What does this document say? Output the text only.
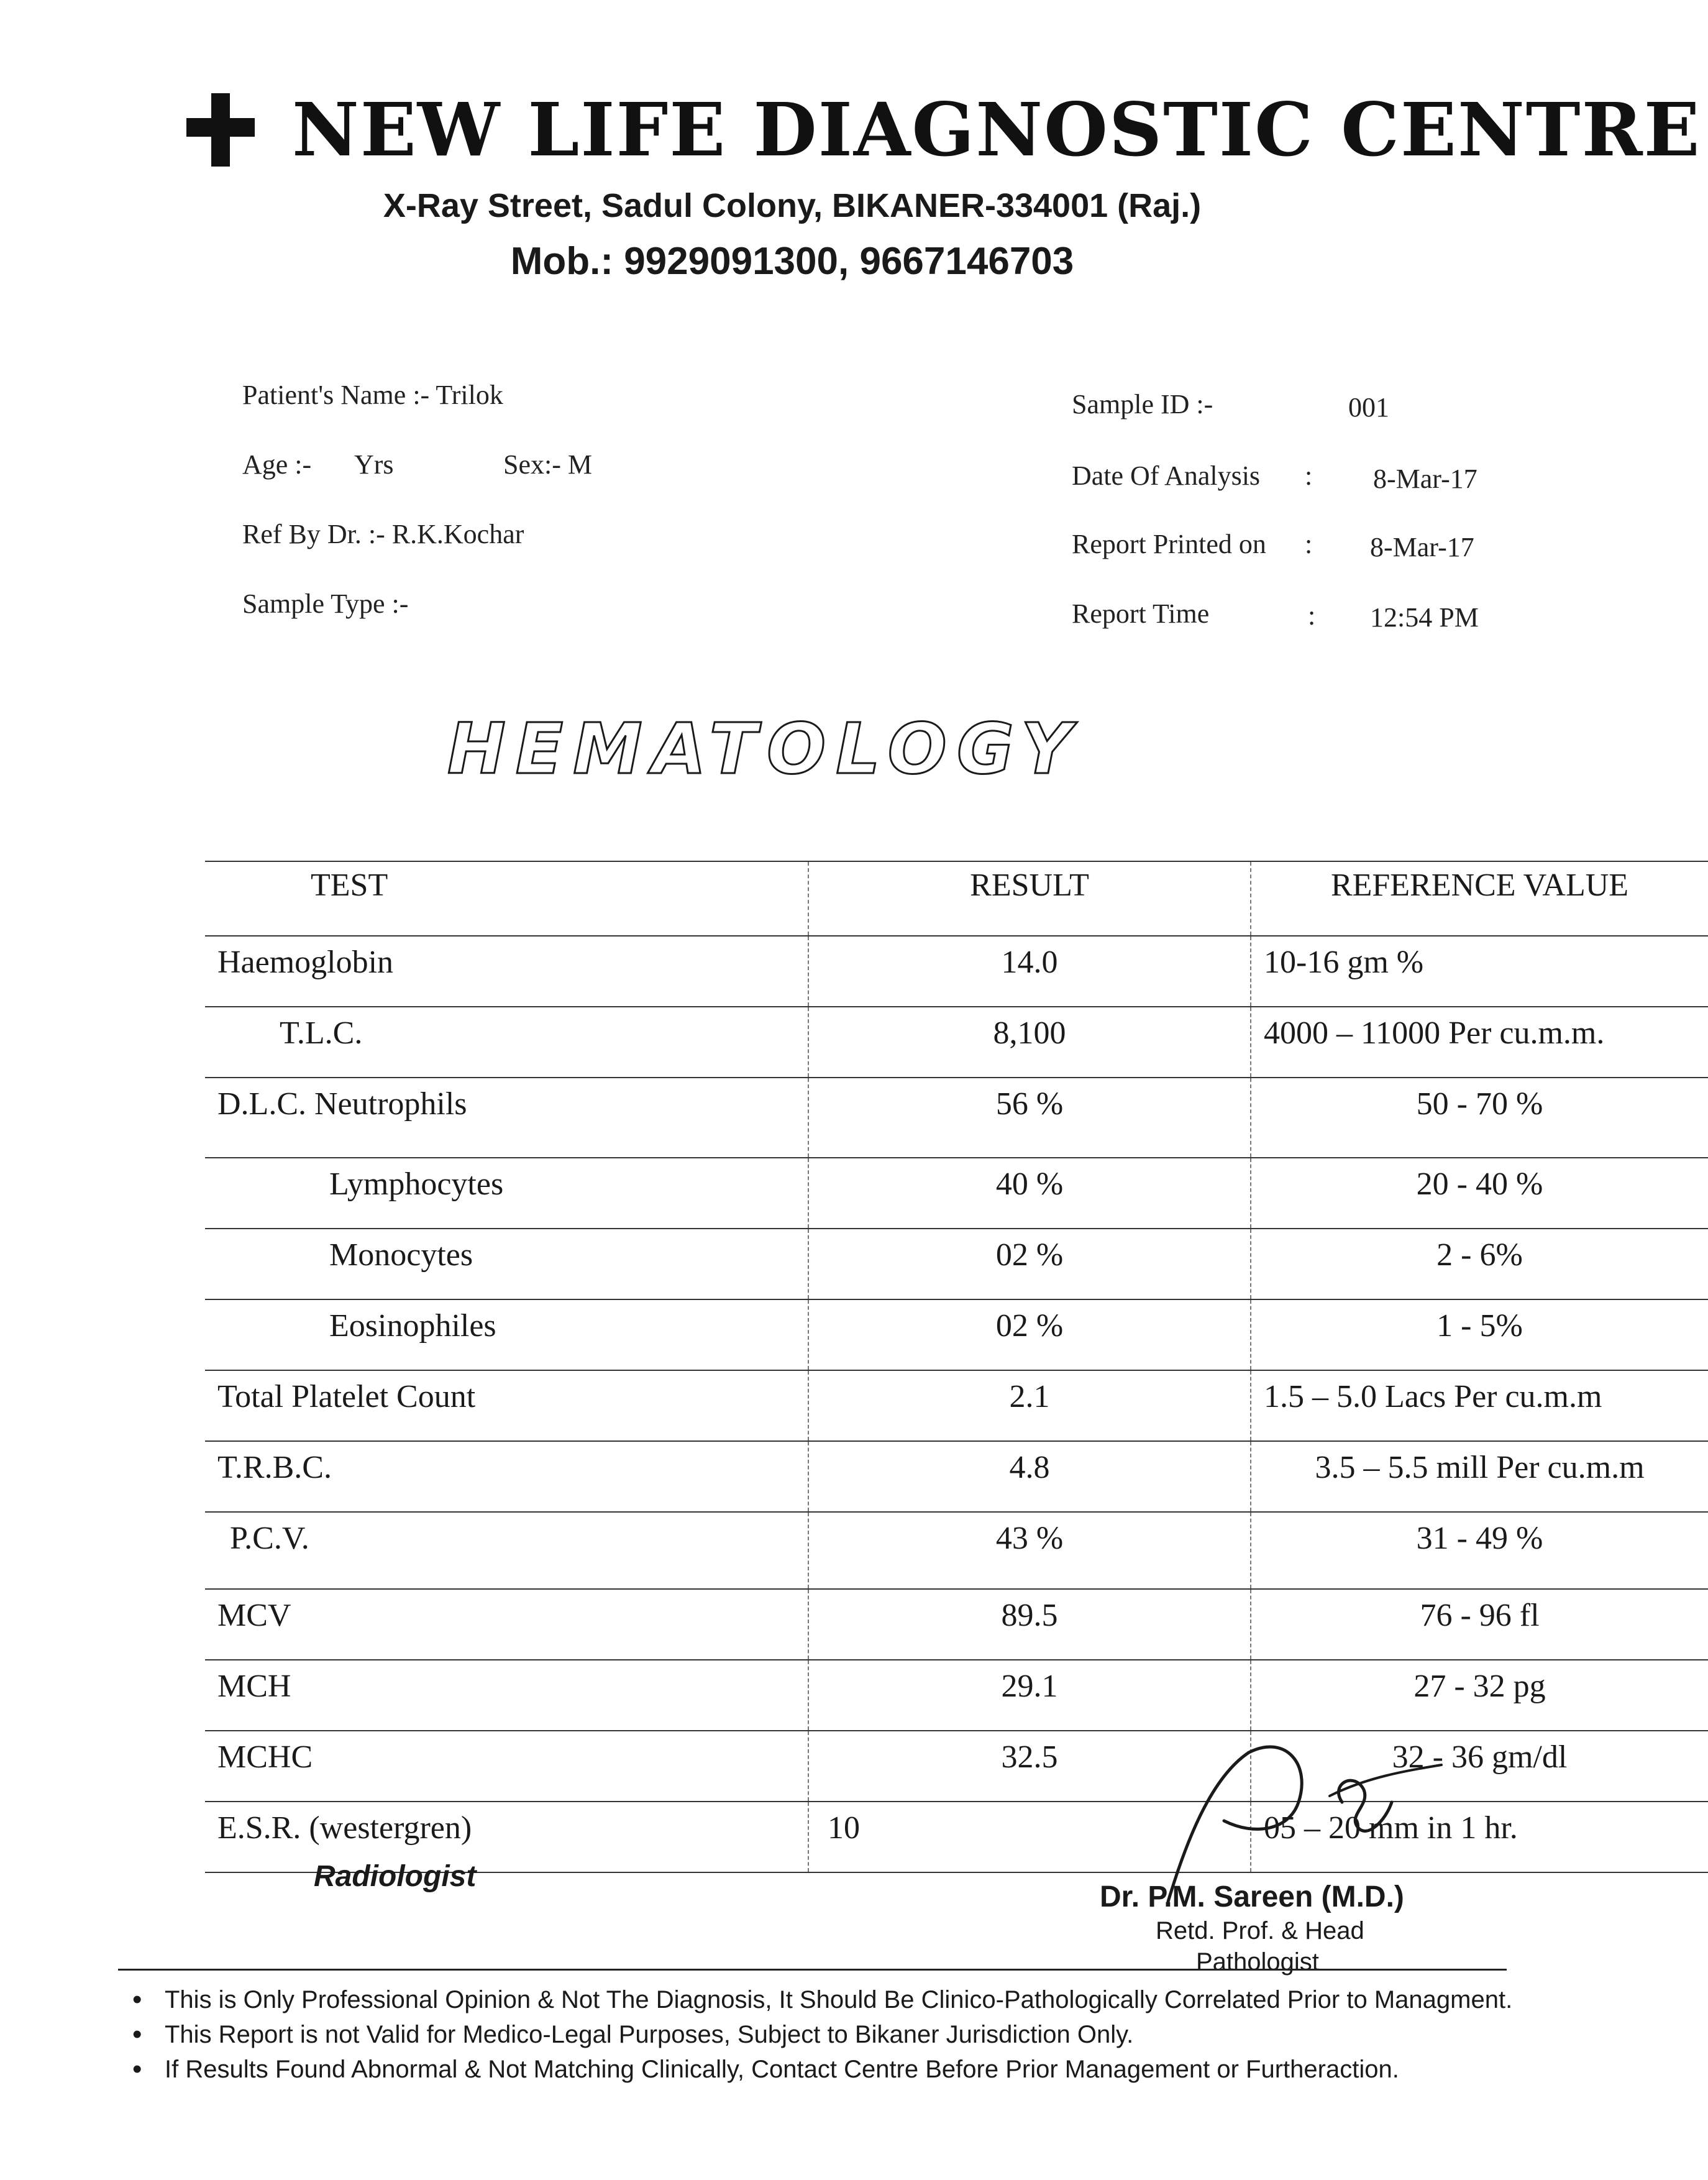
NEW LIFE DIAGNOSTIC CENTRE
X-Ray Street, Sadul Colony, BIKANER-334001 (Raj.)
Mob.: 9929091300, 9667146703
Patient's Name :- Trilok
Age :- Yrs	Sex:- M
Ref By Dr. :- R.K.Kochar
Sample Type :-
Sample ID :-	001
Date Of Analysis : 8-Mar-17
Report Printed on : 8-Mar-17
Report Time	: 12:54 PM
HEMATOLOGY
TEST	RESULT	REFERENCE VALUE
Haemoglobin	14.0	10-16 gm %
T.L.C.	8,100	4000 – 11000 Per cu.m.m.
D.L.C. Neutrophils	56 %	50 - 70 %
Lymphocytes	40 %	20 - 40 %
Monocytes	02 %	2 - 6%
Eosinophiles	02 %	1 - 5%
Total Platelet Count	2.1	1.5 – 5.0 Lacs Per cu.m.m
T.R.B.C.	4.8	3.5 – 5.5 mill Per cu.m.m
P.C.V.	43 %	31 - 49 %
MCV	89.5	76 - 96 fl
MCH	29.1	27 - 32 pg
MCHC	32.5	32 - 36 gm/dl
E.S.R. (westergren)	10	05 – 20 mm in 1 hr.
Radiologist
Dr. P.M. Sareen (M.D.)
Retd. Prof. & Head
Pathologist
• This is Only Professional Opinion & Not The Diagnosis, It Should Be Clinico-Pathologically Correlated Prior to Managment.
• This Report is not Valid for Medico-Legal Purposes, Subject to Bikaner Jurisdiction Only.
• If Results Found Abnormal & Not Matching Clinically, Contact Centre Before Prior Management or Furtheraction.
